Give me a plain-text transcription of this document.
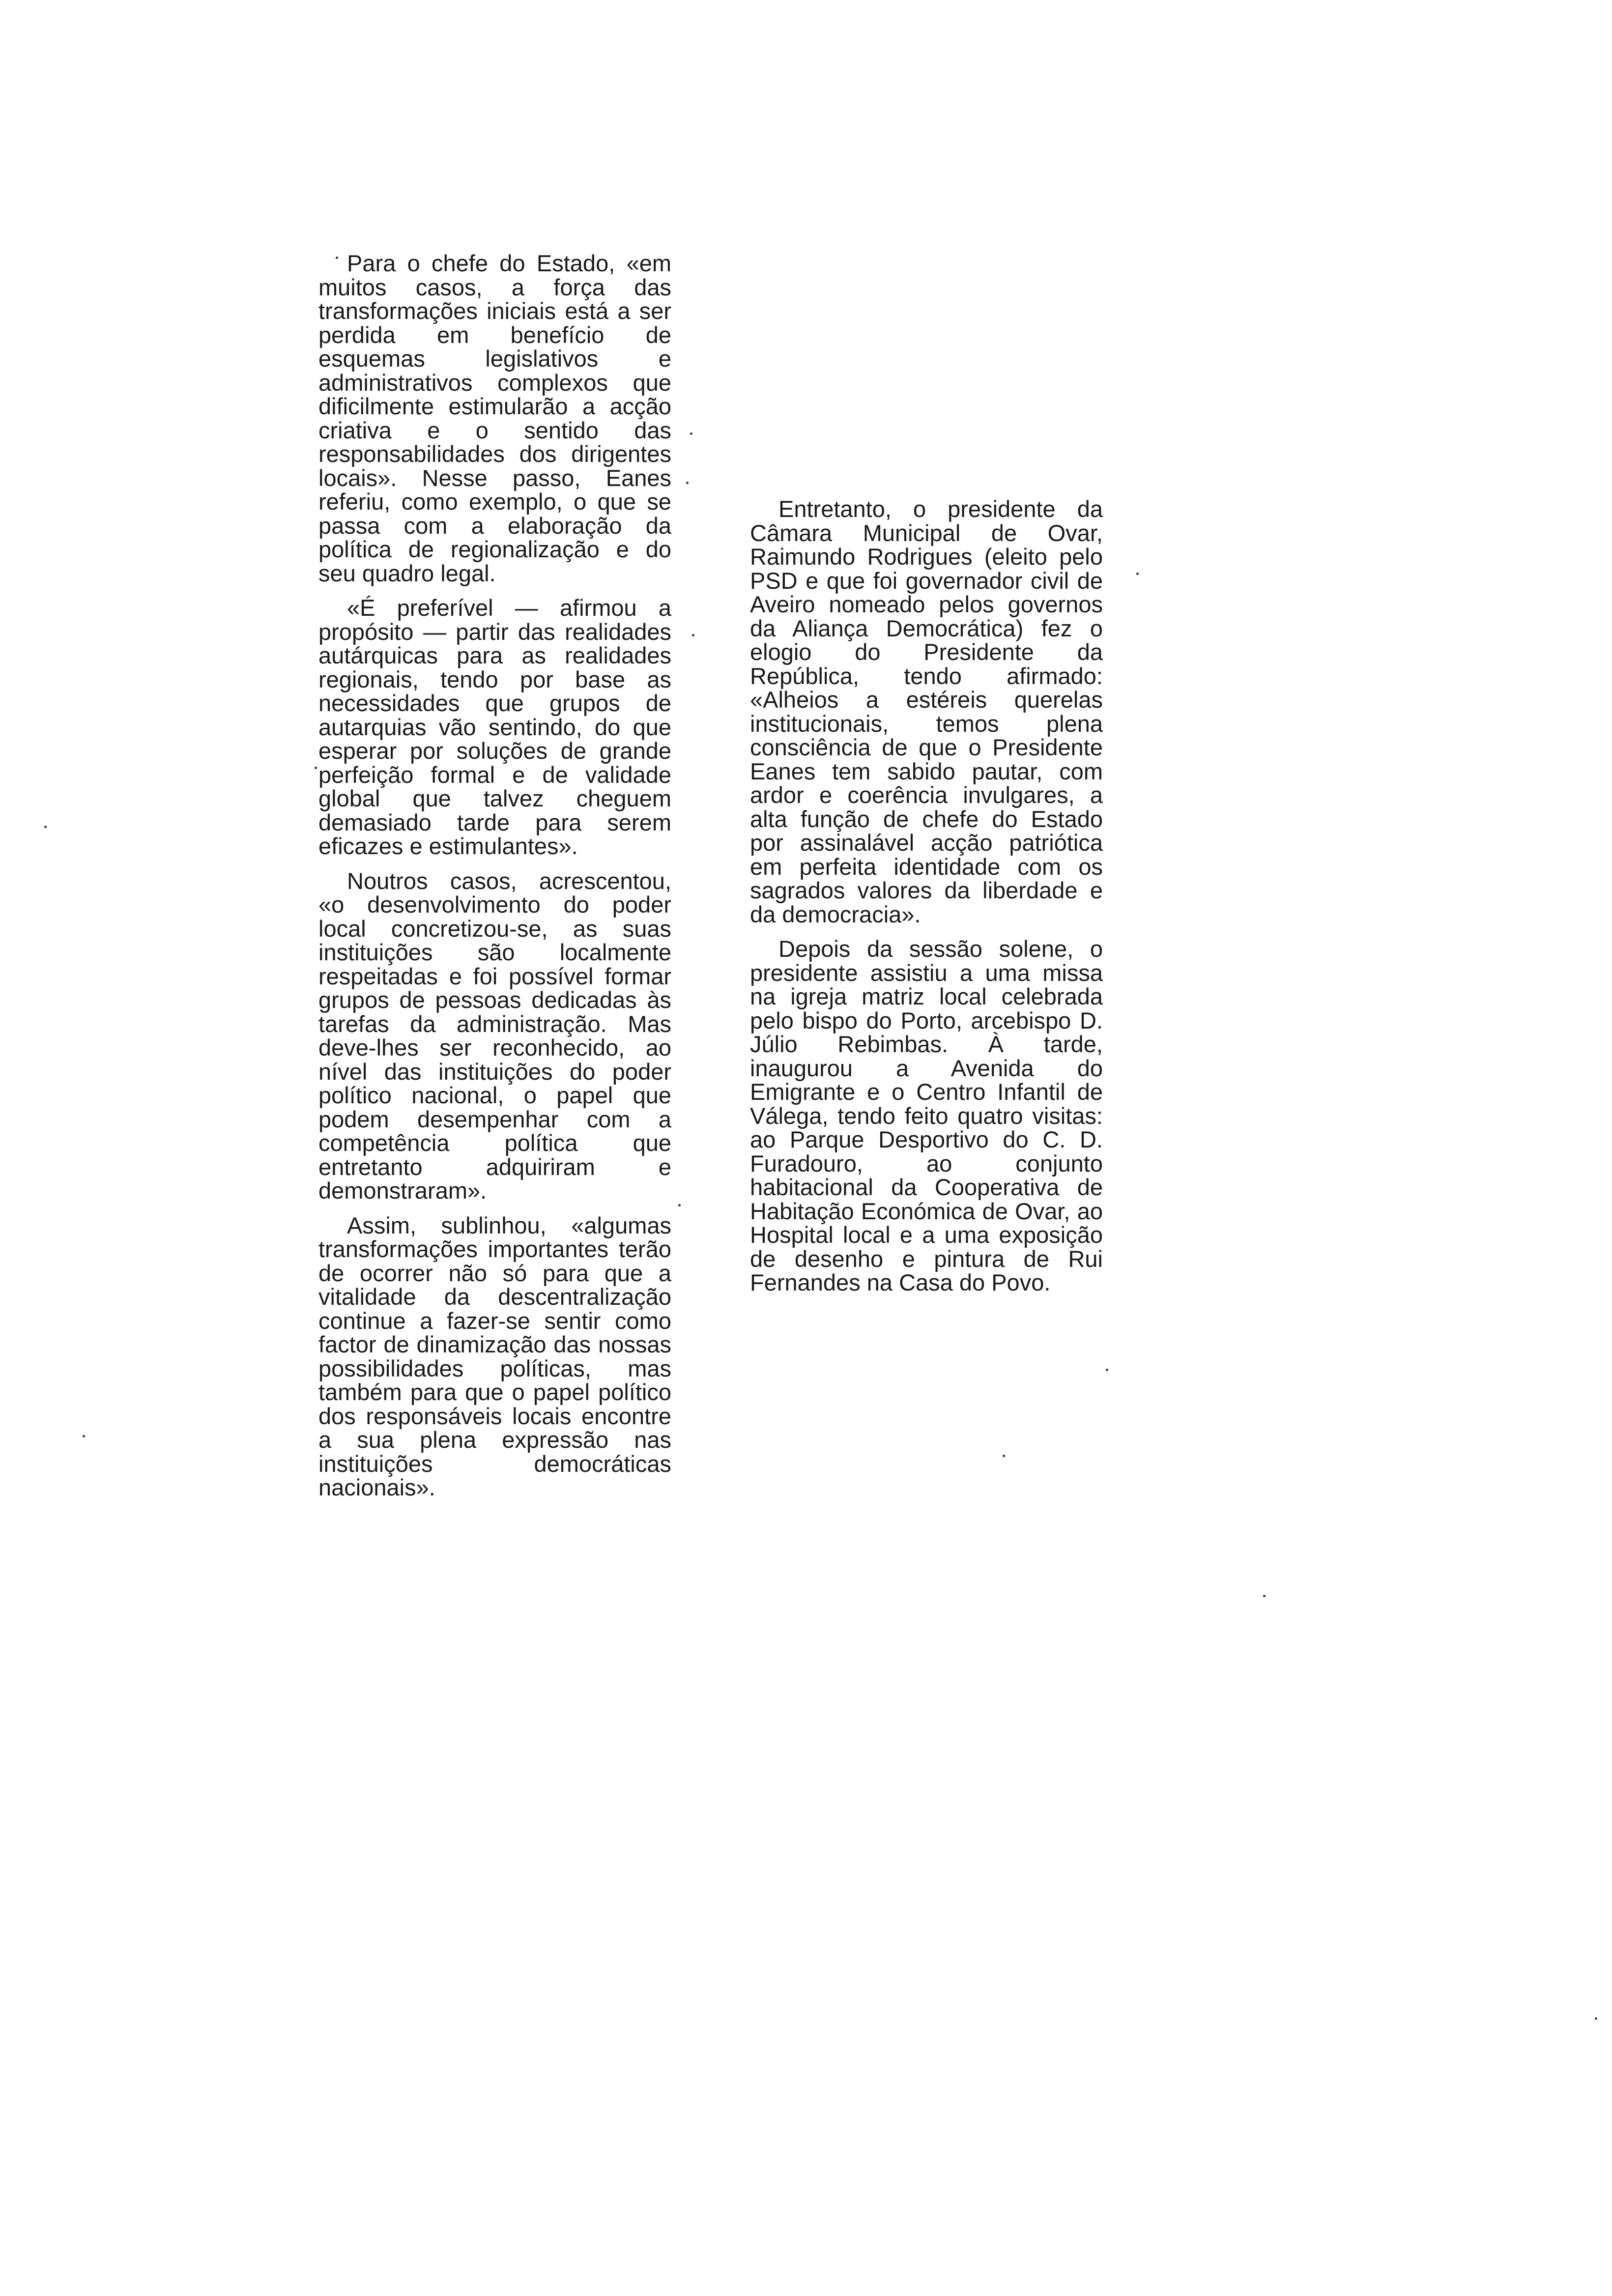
Para o chefe do Estado, «em muitos casos, a força das transformações iniciais está a ser perdida em benefício de esquemas legislativos e administrativos complexos que dificilmente estimularão a acção criativa e o sentido das responsabilidades dos dirigentes locais». Nesse passo, Eanes referiu, como exemplo, o que se passa com a elaboração da política de regionalização e do seu quadro legal.

«É preferível — afirmou a propósito — partir das realidades autárquicas para as realidades regionais, tendo por base as necessidades que grupos de autarquias vão sentindo, do que esperar por soluções de grande perfeição formal e de validade global que talvez cheguem demasiado tarde para serem eficazes e estimulantes».

Noutros casos, acrescentou, «o desenvolvimento do poder local concretizou-se, as suas instituições são localmente respeitadas e foi possível formar grupos de pessoas dedicadas às tarefas da administração. Mas deve-lhes ser reconhecido, ao nível das instituições do poder político nacional, o papel que podem desempenhar com a competência política que entretanto adquiriram e demonstraram».

Assim, sublinhou, «algumas transformações importantes terão de ocorrer não só para que a vitalidade da descentralização continue a fazer-se sentir como factor de dinamização das nossas possibilidades políticas, mas também para que o papel político dos responsáveis locais encontre a sua plena expressão nas instituições democráticas nacionais».

Entretanto, o presidente da Câmara Municipal de Ovar, Raimundo Rodrigues (eleito pelo PSD e que foi governador civil de Aveiro nomeado pelos governos da Aliança Democrática) fez o elogio do Presidente da República, tendo afirmado: «Alheios a estéreis querelas institucionais, temos plena consciência de que o Presidente Eanes tem sabido pautar, com ardor e coerência invulgares, a alta função de chefe do Estado por assinalável acção patriótica em perfeita identidade com os sagrados valores da liberdade e da democracia».

Depois da sessão solene, o presidente assistiu a uma missa na igreja matriz local celebrada pelo bispo do Porto, arcebispo D. Júlio Rebimbas. À tarde, inaugurou a Avenida do Emigrante e o Centro Infantil de Válega, tendo feito quatro visitas: ao Parque Desportivo do C. D. Furadouro, ao conjunto habitacional da Cooperativa de Habitação Económica de Ovar, ao Hospital local e a uma exposição de desenho e pintura de Rui Fernandes na Casa do Povo.
